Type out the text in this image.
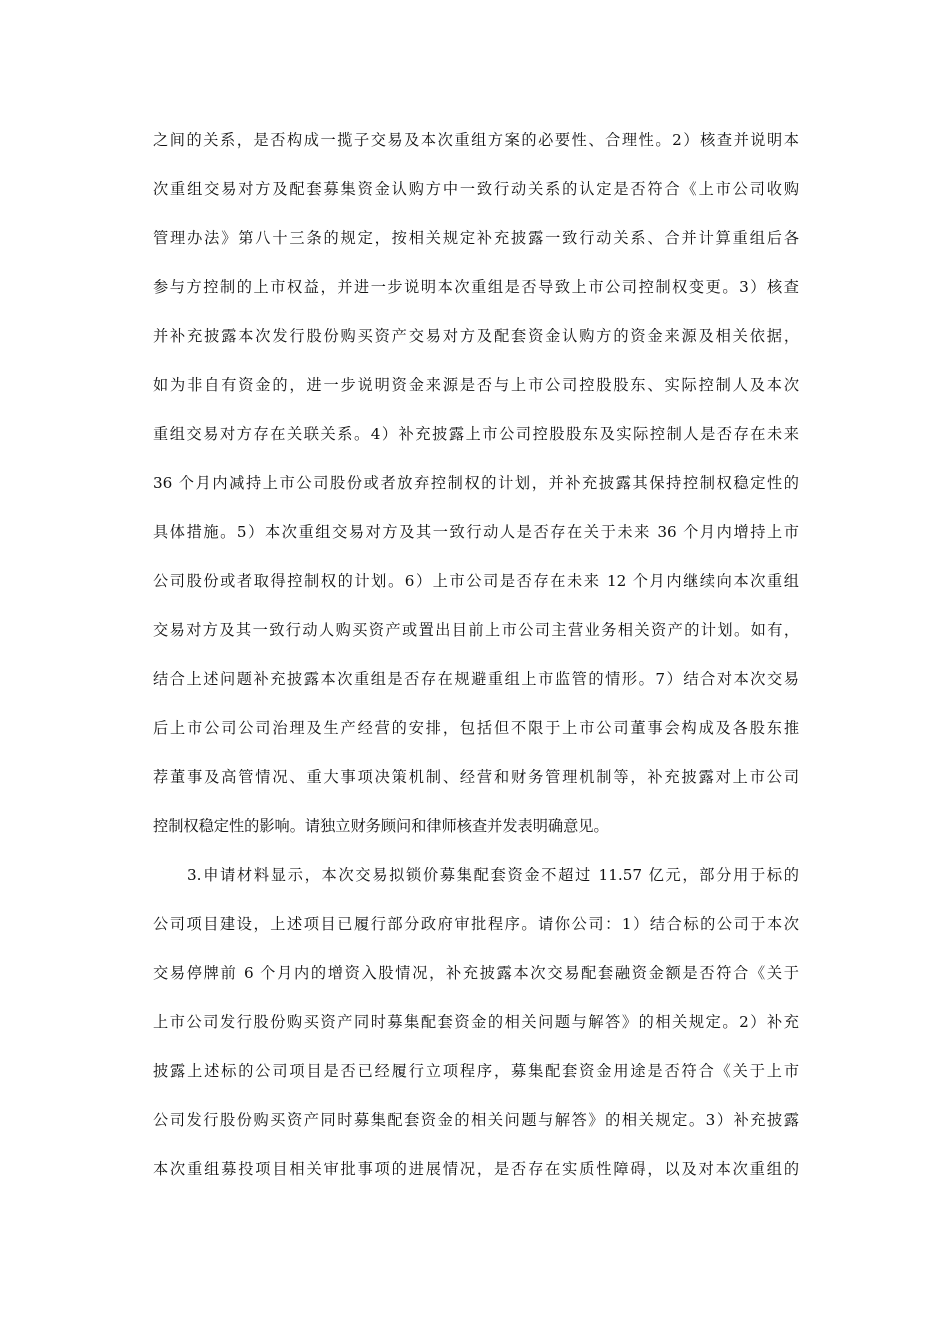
之间的关系，是否构成一揽子交易及本次重组方案的必要性、合理性。2）核查并说明本
次重组交易对方及配套募集资金认购方中一致行动关系的认定是否符合《上市公司收购
管理办法》第八十三条的规定，按相关规定补充披露一致行动关系、合并计算重组后各
参与方控制的上市权益，并进一步说明本次重组是否导致上市公司控制权变更。3）核查
并补充披露本次发行股份购买资产交易对方及配套资金认购方的资金来源及相关依据，
如为非自有资金的，进一步说明资金来源是否与上市公司控股股东、实际控制人及本次
重组交易对方存在关联关系。4）补充披露上市公司控股股东及实际控制人是否存在未来
36 个月内减持上市公司股份或者放弃控制权的计划，并补充披露其保持控制权稳定性的
具体措施。5）本次重组交易对方及其一致行动人是否存在关于未来 36 个月内增持上市
公司股份或者取得控制权的计划。6）上市公司是否存在未来 12 个月内继续向本次重组
交易对方及其一致行动人购买资产或置出目前上市公司主营业务相关资产的计划。如有，
结合上述问题补充披露本次重组是否存在规避重组上市监管的情形。7）结合对本次交易
后上市公司公司治理及生产经营的安排，包括但不限于上市公司董事会构成及各股东推
荐董事及高管情况、重大事项决策机制、经营和财务管理机制等，补充披露对上市公司
控制权稳定性的影响。请独立财务顾问和律师核查并发表明确意见。
3.申请材料显示，本次交易拟锁价募集配套资金不超过 11.57 亿元，部分用于标的
公司项目建设，上述项目已履行部分政府审批程序。请你公司：1）结合标的公司于本次
交易停牌前 6 个月内的增资入股情况，补充披露本次交易配套融资金额是否符合《关于
上市公司发行股份购买资产同时募集配套资金的相关问题与解答》的相关规定。2）补充
披露上述标的公司项目是否已经履行立项程序，募集配套资金用途是否符合《关于上市
公司发行股份购买资产同时募集配套资金的相关问题与解答》的相关规定。3）补充披露
本次重组募投项目相关审批事项的进展情况，是否存在实质性障碍，以及对本次重组的
